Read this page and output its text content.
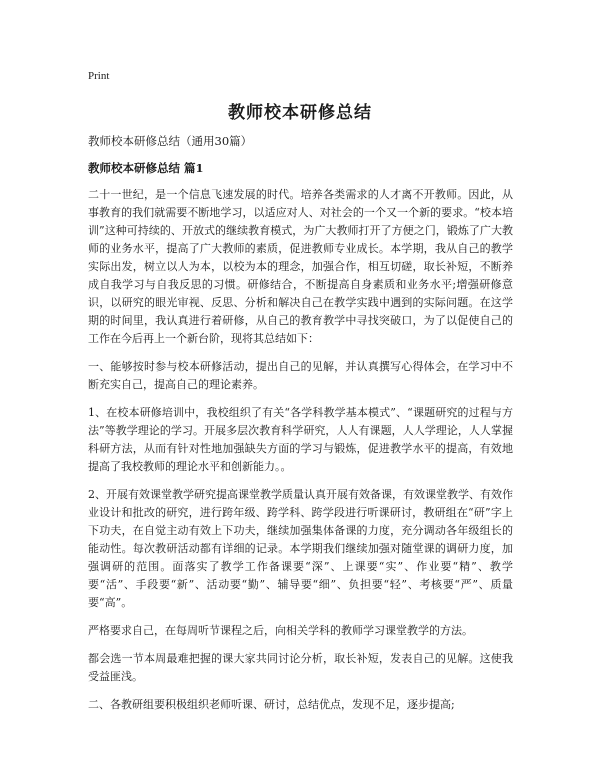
Print
教师校本研修总结
教师校本研修总结（通用30篇）
教师校本研修总结 篇1

二十一世纪，是一个信息飞速发展的时代。培养各类需求的人才离不开教师。因此，从事教育的我们就需要不断地学习，以适应对人、对社会的一个又一个新的要求。“校本培训”这种可持续的、开放式的继续教育模式，为广大教师打开了方便之门，锻炼了广大教师的业务水平，提高了广大教师的素质，促进教师专业成长。本学期，我从自己的教学实际出发，树立以人为本，以校为本的理念，加强合作，相互切磋，取长补短，不断养成自我学习与自我反思的习惯。研修结合，不断提高自身素质和业务水平;增强研修意识，以研究的眼光审视、反思、分析和解决自己在教学实践中遇到的实际问题。在这学期的时间里，我认真进行着研修，从自己的教育教学中寻找突破口，为了以促使自己的工作在今后再上一个新台阶，现将其总结如下：

一、能够按时参与校本研修活动，提出自己的见解，并认真撰写心得体会，在学习中不断充实自己，提高自己的理论素养。

1、在校本研修培训中，我校组织了有关“各学科教学基本模式”、“课题研究的过程与方法”等教学理论的学习。开展多层次教育科学研究，人人有课题，人人学理论，人人掌握科研方法，从而有针对性地加强缺失方面的学习与锻炼，促进教学水平的提高，有效地提高了我校教师的理论水平和创新能力。。

2、开展有效课堂教学研究提高课堂教学质量认真开展有效备课，有效课堂教学、有效作业设计和批改的研究，进行跨年级、跨学科、跨学段进行听课研讨，教研组在“研”字上下功夫，在自觉主动有效上下功夫，继续加强集体备课的力度，充分调动各年级组长的能动性。每次教研活动都有详细的记录。本学期我们继续加强对随堂课的调研力度，加强调研的范围。面落实了教学工作备课要“深”、上课要“实”、作业要“精”、教学要“活”、手段要“新”、活动要“勤”、辅导要“细”、负担要“轻”、考核要“严”、质量要“高”。

严格要求自己，在每周听节课程之后，向相关学科的教师学习课堂教学的方法。

都会选一节本周最难把握的课大家共同讨论分析，取长补短，发表自己的见解。这使我受益匪浅。

二、各教研组要积极组织老师听课、研讨，总结优点，发现不足，逐步提高;
